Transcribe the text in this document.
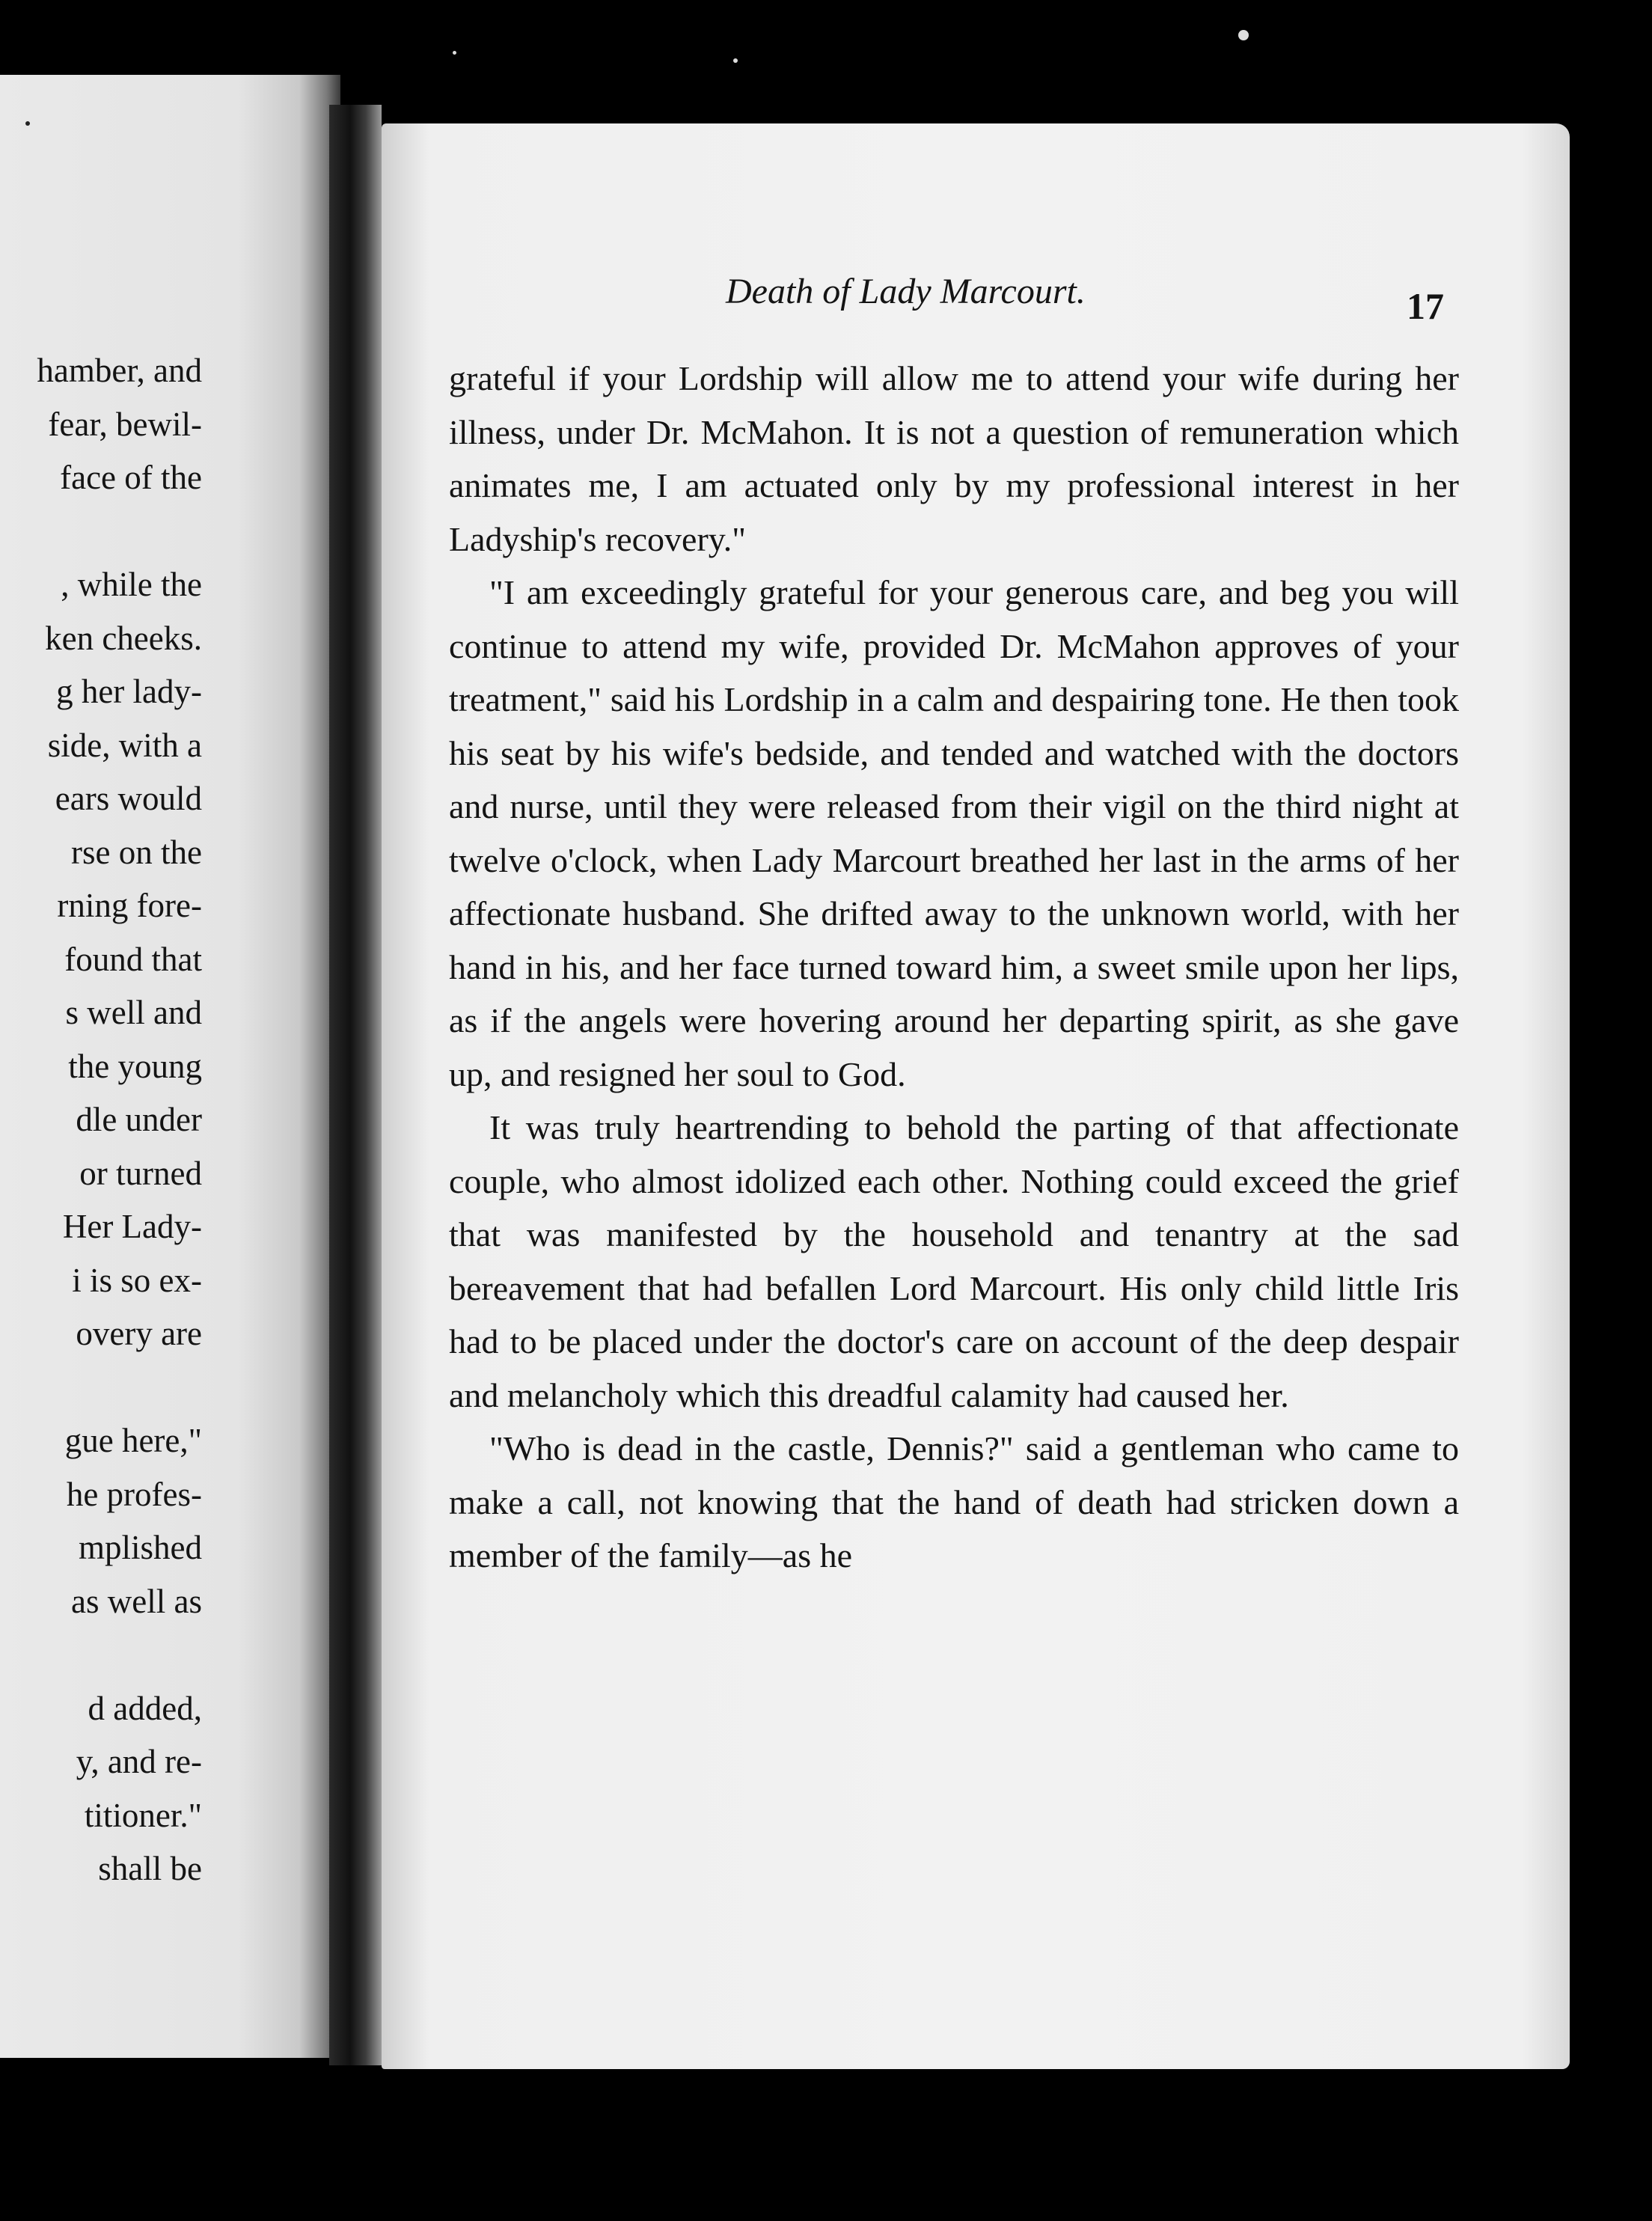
hamber, and
fear, bewil-
face of the
, while the
ken cheeks.
g her lady-
side, with a
ears would
rse on the
rning fore-
found that
s well and
the young
dle under
or turned
Her Lady-
i is so ex-
overy are
gue here,"
he profes-
mplished
as well as
d added,
y, and re-
titioner."
shall be
Death of Lady Marcourt.	17

grateful if your Lordship will allow me to attend your wife during her illness, under Dr. McMahon. It is not a question of remuneration which animates me, I am actuated only by my professional interest in her Ladyship's recovery."

"I am exceedingly grateful for your generous care, and beg you will continue to attend my wife, provided Dr. McMahon approves of your treatment," said his Lordship in a calm and despairing tone. He then took his seat by his wife's bedside, and tended and watched with the doctors and nurse, until they were released from their vigil on the third night at twelve o'clock, when Lady Marcourt breathed her last in the arms of her affectionate husband. She drifted away to the unknown world, with her hand in his, and her face turned toward him, a sweet smile upon her lips, as if the angels were hovering around her departing spirit, as she gave up, and resigned her soul to God.

It was truly heartrending to behold the parting of that affectionate couple, who almost idolized each other. Nothing could exceed the grief that was manifested by the household and tenantry at the sad bereavement that had befallen Lord Marcourt. His only child little Iris had to be placed under the doctor's care on account of the deep despair and melancholy which this dreadful calamity had caused her.

"Who is dead in the castle, Dennis?" said a gentleman who came to make a call, not knowing that the hand of death had stricken down a member of the family—as he
